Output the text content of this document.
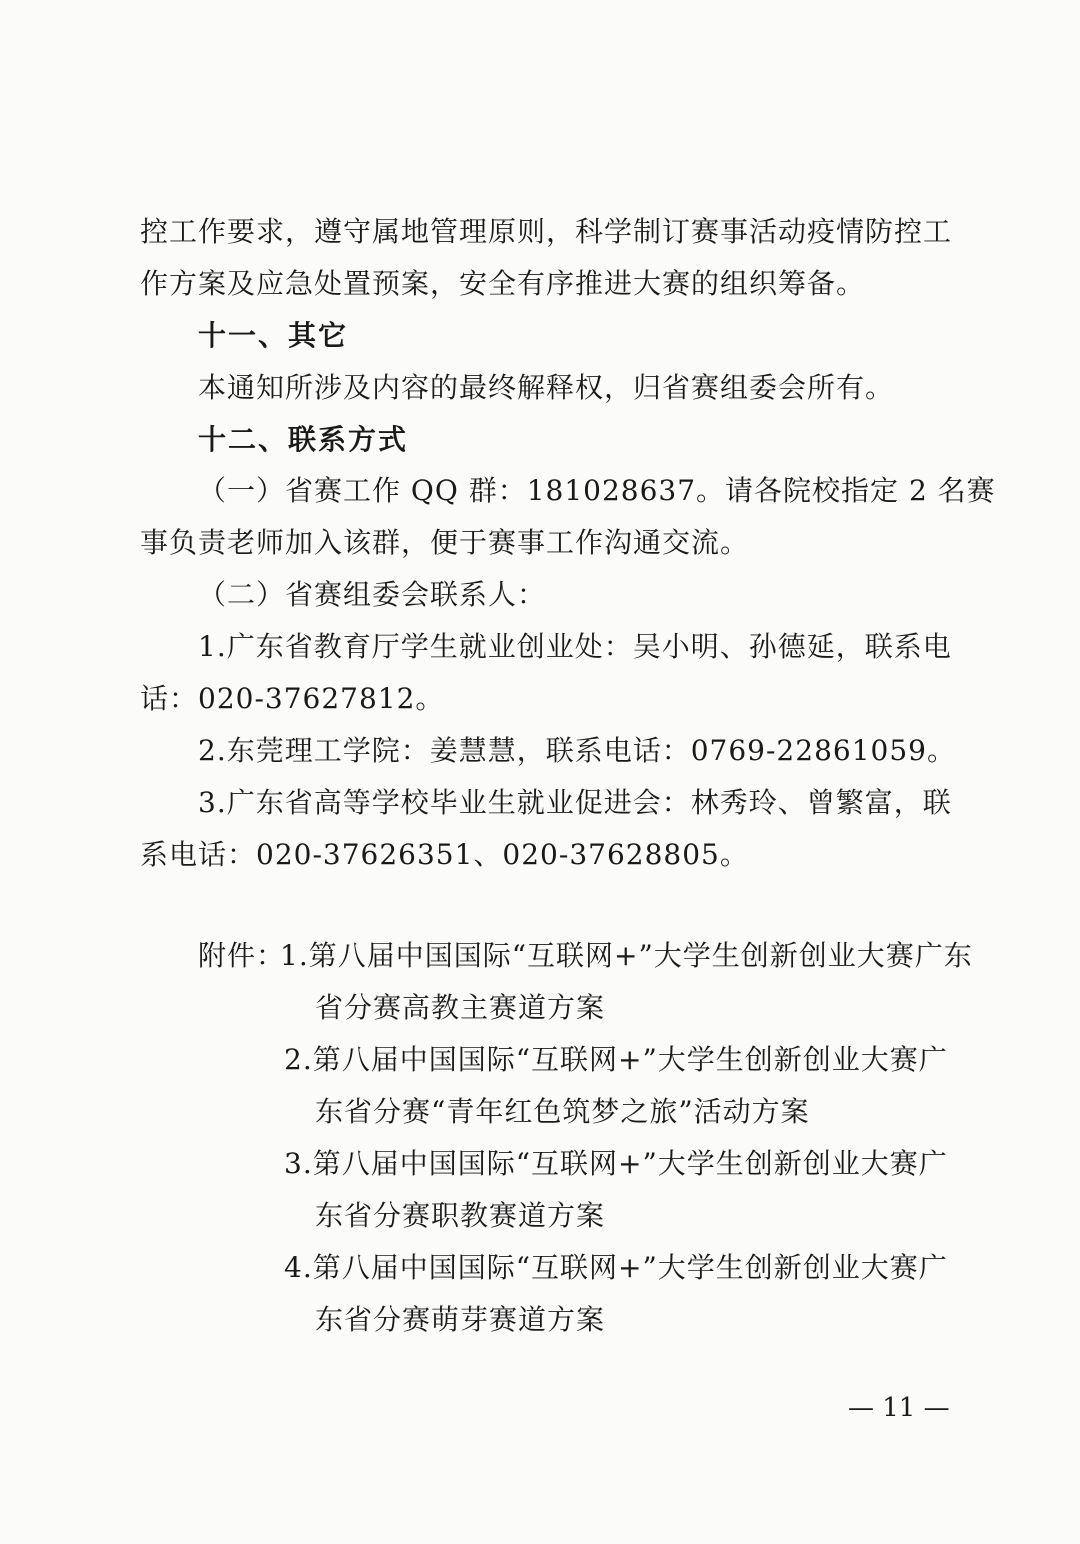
控工作要求，遵守属地管理原则，科学制订赛事活动疫情防控工
作方案及应急处置预案，安全有序推进大赛的组织筹备。
十一、其它
本通知所涉及内容的最终解释权，归省赛组委会所有。
十二、联系方式
（一）省赛工作 QQ 群：181028637。请各院校指定 2 名赛
事负责老师加入该群，便于赛事工作沟通交流。
（二）省赛组委会联系人：
1.广东省教育厅学生就业创业处：吴小明、孙德延，联系电
话：020-37627812。
2.东莞理工学院：姜慧慧，联系电话：0769-22861059。
3.广东省高等学校毕业生就业促进会：林秀玲、曾繁富，联
系电话：020-37626351、020-37628805。
附件：
1.第八届中国国际“互联网+”大学生创新创业大赛广东
省分赛高教主赛道方案
2.第八届中国国际“互联网+”大学生创新创业大赛广
东省分赛“青年红色筑梦之旅”活动方案
3.第八届中国国际“互联网+”大学生创新创业大赛广
东省分赛职教赛道方案
4.第八届中国国际“互联网+”大学生创新创业大赛广
东省分赛萌芽赛道方案
— 11 —
